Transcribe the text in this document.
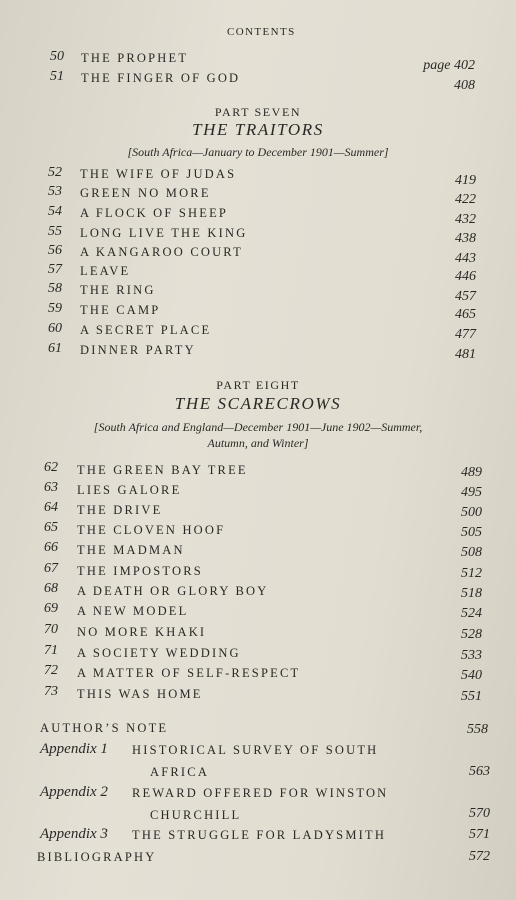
CONTENTS
50	THE PROPHET	page 402
51	THE FINGER OF GOD	408
PART SEVEN
THE TRAITORS
[South Africa—January to December 1901—Summer]
52	THE WIFE OF JUDAS	419
53	GREEN NO MORE	422
54	A FLOCK OF SHEEP	432
55	LONG LIVE THE KING	438
56	A KANGAROO COURT	443
57	LEAVE	446
58	THE RING	457
59	THE CAMP	465
60	A SECRET PLACE	477
61	DINNER PARTY	481
PART EIGHT
THE SCARECROWS
[South Africa and England—December 1901—June 1902—Summer,
Autumn, and Winter]
62	THE GREEN BAY TREE	489
63	LIES GALORE	495
64	THE DRIVE	500
65	THE CLOVEN HOOF	505
66	THE MADMAN	508
67	THE IMPOSTORS	512
68	A DEATH OR GLORY BOY	518
69	A NEW MODEL	524
70	NO MORE KHAKI	528
71	A SOCIETY WEDDING	533
72	A MATTER OF SELF-RESPECT	540
73	THIS WAS HOME	551
AUTHOR’S NOTE	558
Appendix 1 HISTORICAL SURVEY OF SOUTH
AFRICA	563
Appendix 2 REWARD OFFERED FOR WINSTON
CHURCHILL	570
Appendix 3 THE STRUGGLE FOR LADYSMITH	571
BIBLIOGRAPHY	572
